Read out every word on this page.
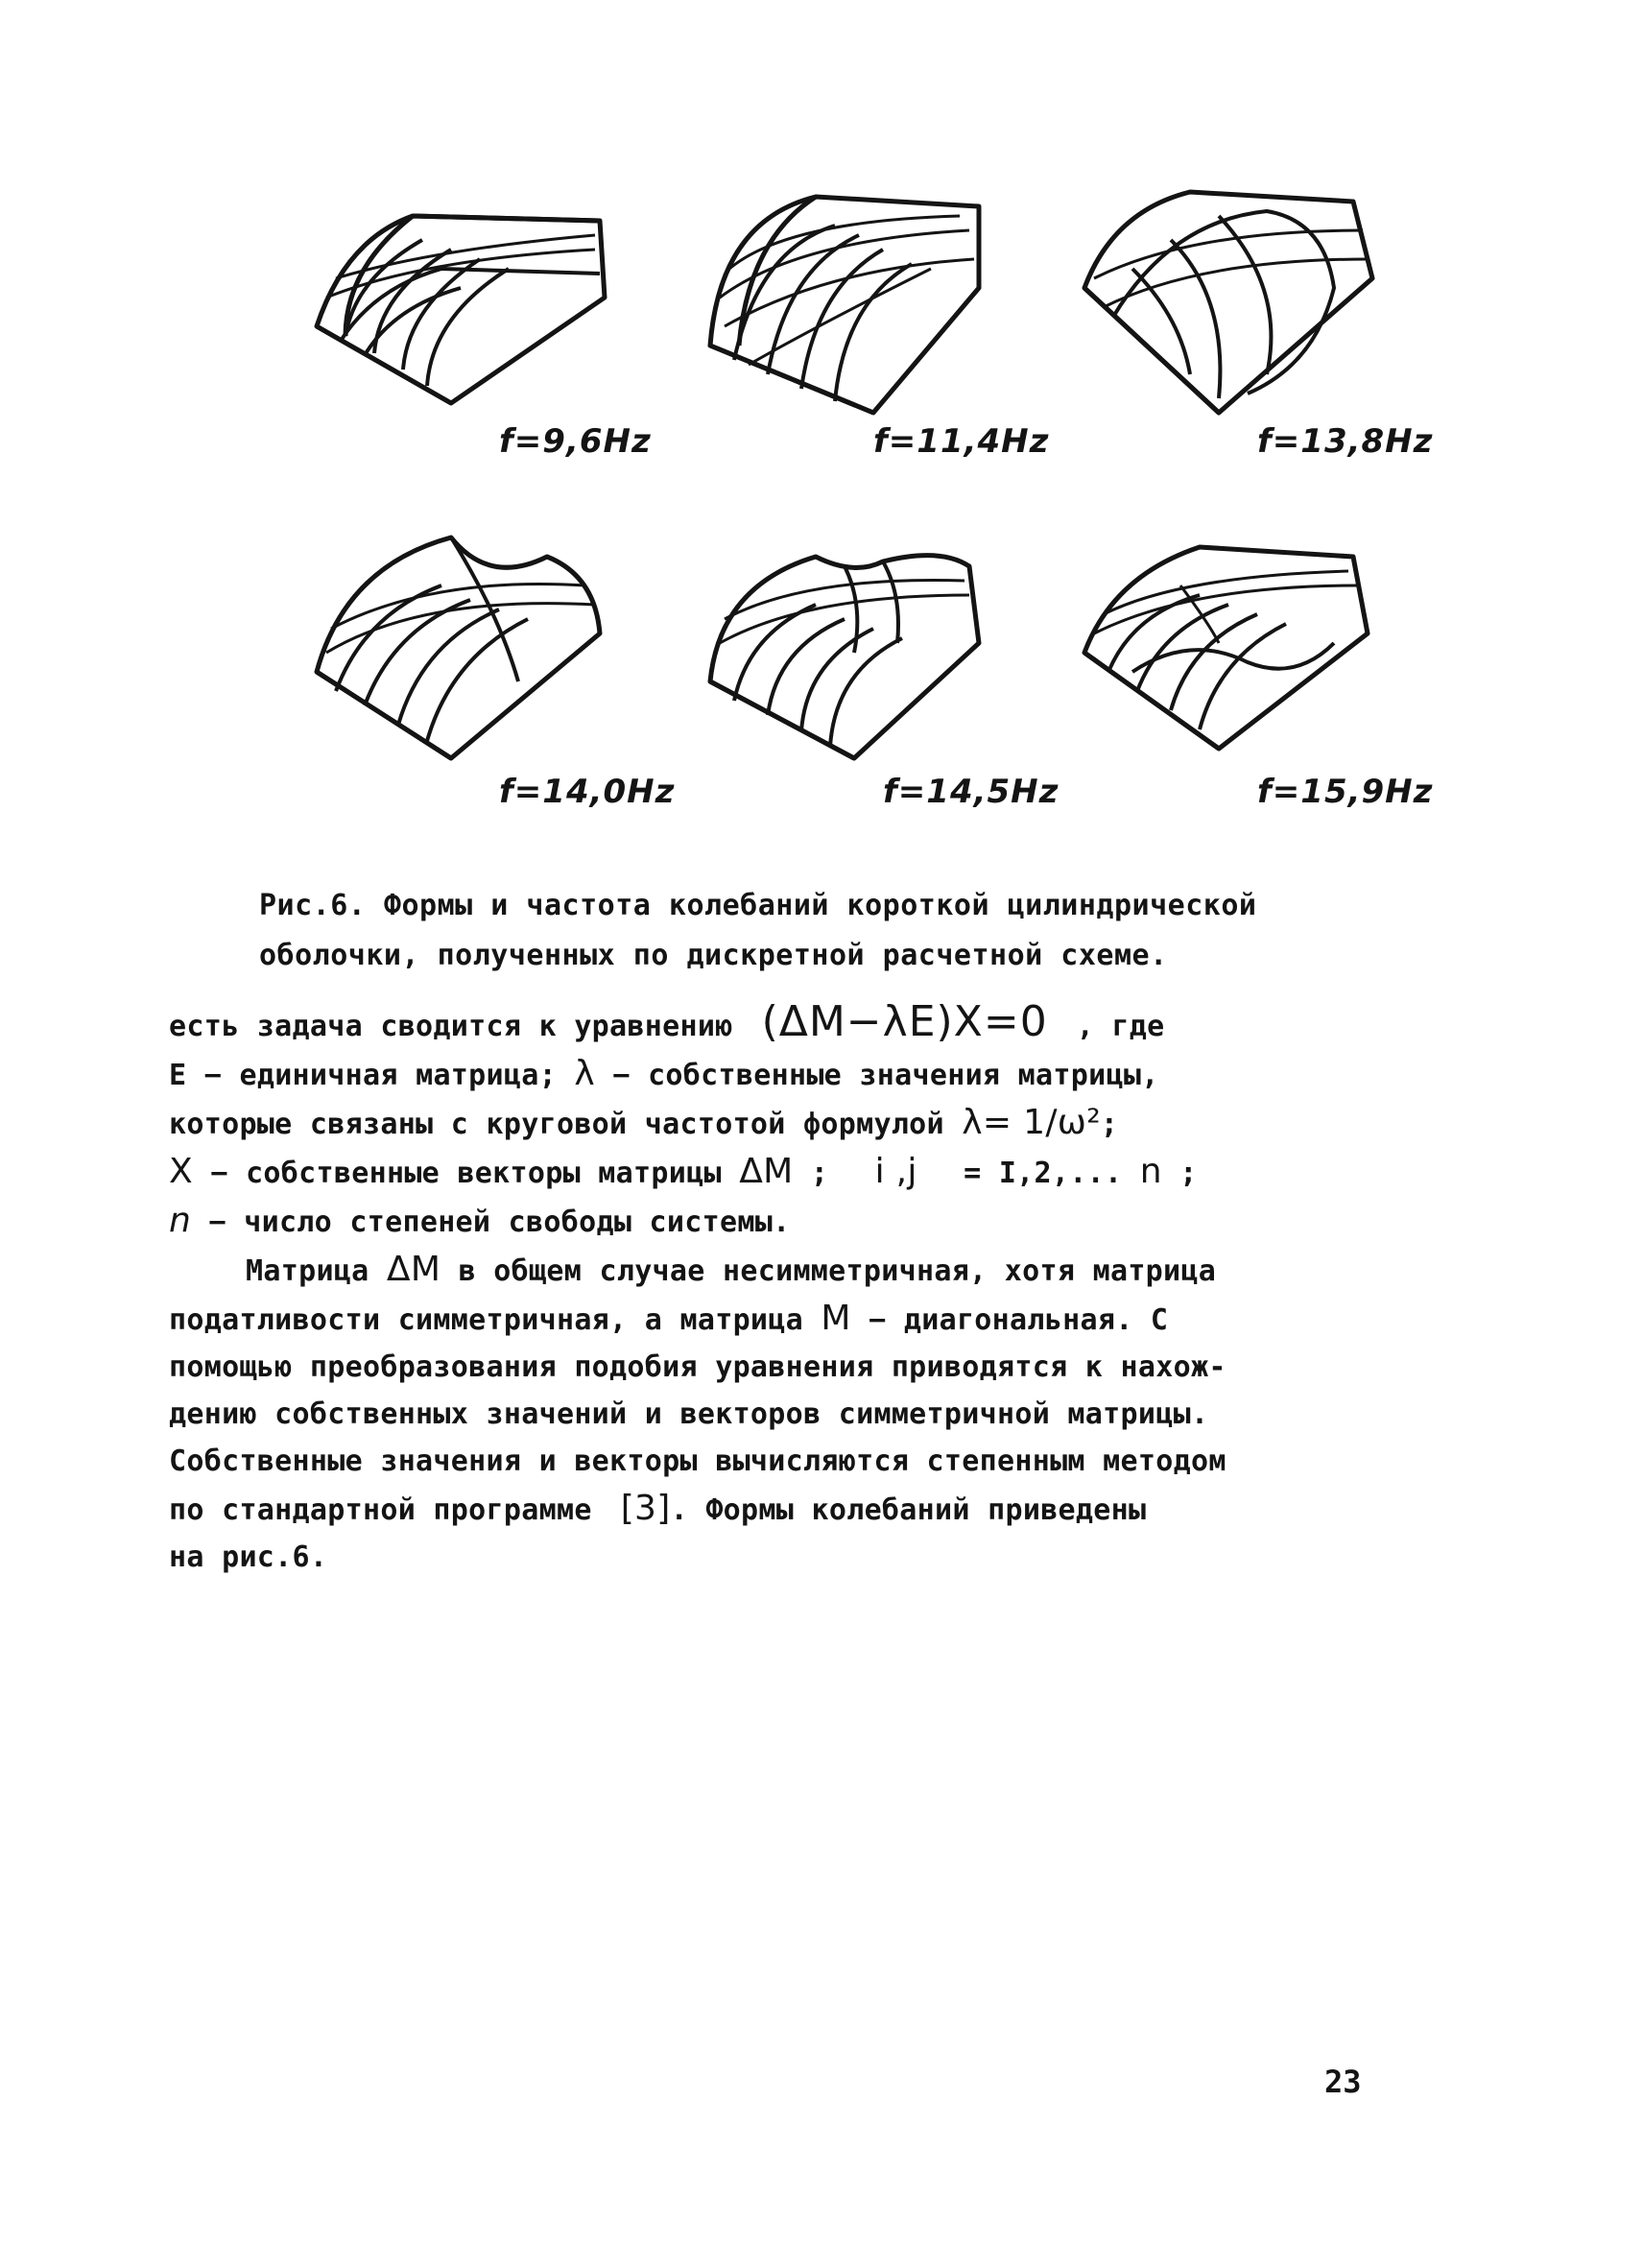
f=9,6Hz	f=11,4Hz	f=13,8Hz
f=14,0Hz	f=14,5Hz	f=15,9Hz
Рис.6. Формы и частота колебаний короткой цилиндрической
оболочки, полученных по дискретной расчетной схеме.
есть задача сводится к уравнению (ΔM−λE)X=0 , где
E − единичная матрица; λ − собственные значения матрицы,
которые связаны с круговой частотой формулой λ= 1/ω²;
X − собственные векторы матрицы ΔM ; i ,j = I,2,... n ;
n − число степеней свободы системы.
Матрица ΔM в общем случае несимметричная, хотя матрица
податливости симметричная, а матрица M − диагональная. С
помощью преобразования подобия уравнения приводятся к нахож-
дению собственных значений и векторов симметричной матрицы.
Собственные значения и векторы вычисляются степенным методом
по стандартной программе [3]. Формы колебаний приведены
на рис.6.
23
